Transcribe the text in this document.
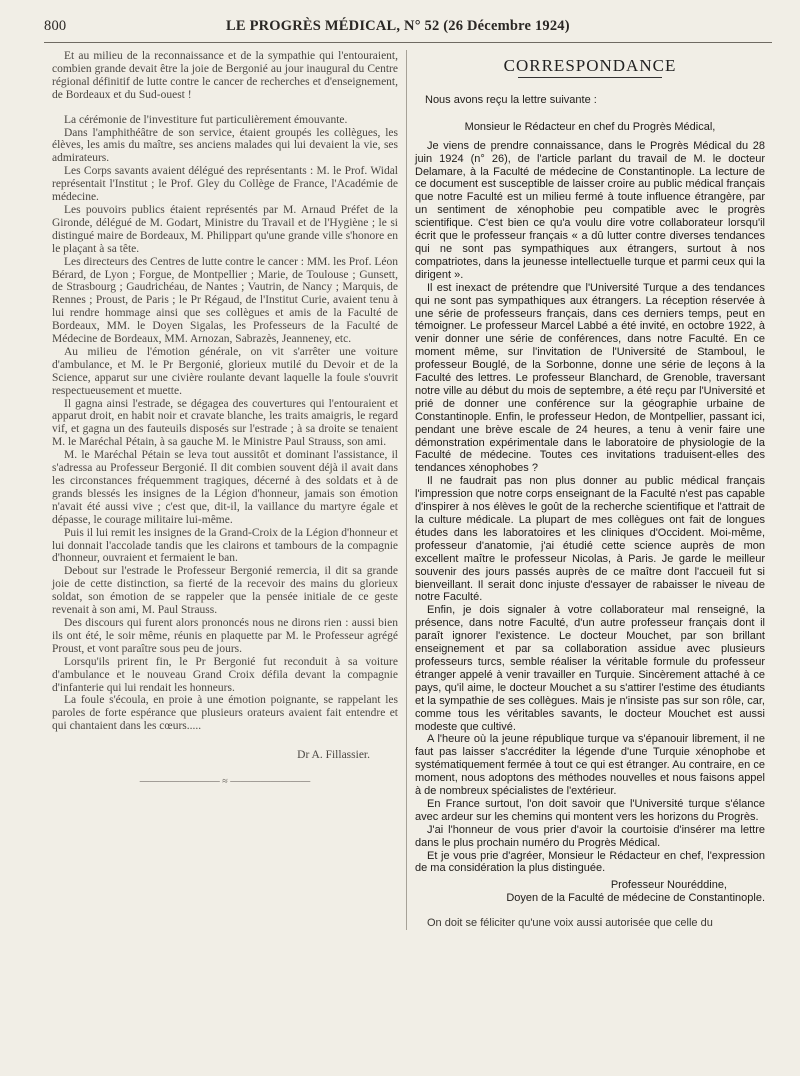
800	LE PROGRÈS MÉDICAL, N° 52 (26 Décembre 1924)

Et au milieu de la reconnaissance et de la sympathie qui l'entouraient, combien grande devait être la joie de Bergonié au jour inaugural du Centre régional définitif de lutte contre le cancer de recherches et d'enseignement, de Bordeaux et du Sud-ouest !

La cérémonie de l'investiture fut particulièrement émouvante.

Dans l'amphithéâtre de son service, étaient groupés les collègues, les élèves, les amis du maître, ses anciens malades qui lui devaient la vie, ses admirateurs.

Les Corps savants avaient délégué des représentants : M. le Prof. Widal représentait l'Institut ; le Prof. Gley du Collège de France, l'Académie de médecine.

Les pouvoirs publics étaient représentés par M. Arnaud Préfet de la Gironde, délégué de M. Godart, Ministre du Travail et de l'Hygiène ; le si distingué maire de Bordeaux, M. Philippart qu'une grande ville s'honore en le plaçant à sa tête.

Les directeurs des Centres de lutte contre le cancer : MM. les Prof. Léon Bérard, de Lyon ; Forgue, de Montpellier ; Marie, de Toulouse ; Gunsett, de Strasbourg ; Gaudrichéau, de Nantes ; Vautrin, de Nancy ; Marquis, de Rennes ; Proust, de Paris ; le Pr Régaud, de l'Institut Curie, avaient tenu à lui rendre hommage ainsi que ses collègues et amis de la Faculté de Bordeaux, MM. le Doyen Sigalas, les Professeurs de la Faculté de Médecine de Bordeaux, MM. Arnozan, Sabrazès, Jeanneney, etc.

Au milieu de l'émotion générale, on vit s'arrêter une voiture d'ambulance, et M. le Pr Bergonié, glorieux mutilé du Devoir et de la Science, apparut sur une civière roulante devant laquelle la foule s'ouvrit respectueusement et muette.

Il gagna ainsi l'estrade, se dégagea des couvertures qui l'entouraient et apparut droit, en habit noir et cravate blanche, les traits amaigris, le regard vif, et gagna un des fauteuils disposés sur l'estrade ; à sa droite se tenaient M. le Maréchal Pétain, à sa gauche M. le Ministre Paul Strauss, son ami.

M. le Maréchal Pétain se leva tout aussitôt et dominant l'assistance, il s'adressa au Professeur Bergonié. Il dit combien souvent déjà il avait dans les circonstances fréquemment tragiques, décerné à des soldats et à de grands blessés les insignes de la Légion d'honneur, jamais son émotion n'avait été aussi vive ; c'est que, dit-il, la vaillance du martyre égale et dépasse, le courage militaire lui-même.

Puis il lui remit les insignes de la Grand-Croix de la Légion d'honneur et lui donnait l'accolade tandis que les clairons et tambours de la compagnie d'honneur, ouvraient et fermaient le ban.

Debout sur l'estrade le Professeur Bergonié remercia, il dit sa grande joie de cette distinction, sa fierté de la recevoir des mains du glorieux soldat, son émotion de se rappeler que la pensée initiale de ce geste revenait à son ami, M. Paul Strauss.

Des discours qui furent alors prononcés nous ne dirons rien : aussi bien ils ont été, le soir même, réunis en plaquette par M. le Professeur agrégé Proust, et vont paraître sous peu de jours.

Lorsqu'ils prirent fin, le Pr Bergonié fut reconduit à sa voiture d'ambulance et le nouveau Grand Croix défila devant la compagnie d'infanterie qui lui rendait les honneurs.

La foule s'écoula, en proie à une émotion poignante, se rappelant les paroles de forte espérance que plusieurs orateurs avaient fait entendre et qui chantaient dans les cœurs.....

Dr A. Fillassier.
———————— ≈ ————————
CORRESPONDANCE

Nous avons reçu la lettre suivante :

Monsieur le Rédacteur en chef du Progrès Médical,

Je viens de prendre connaissance, dans le Progrès Médical du 28 juin 1924 (n° 26), de l'article parlant du travail de M. le docteur Delamare, à la Faculté de médecine de Constantinople. La lecture de ce document est susceptible de laisser croire au public médical français que notre Faculté est un milieu fermé à toute influence étrangère, par un sentiment de xénophobie peu compatible avec le progrès scientifique. C'est bien ce qu'a voulu dire votre collaborateur lorsqu'il écrit que le professeur français « a dû lutter contre diverses tendances qui ne sont pas sympathiques aux étrangers, surtout à nos compatriotes, dans la jeunesse intellectuelle turque et parmi ceux qui la dirigent ».

Il est inexact de prétendre que l'Université Turque a des tendances qui ne sont pas sympathiques aux étrangers. La réception réservée à une série de professeurs français, dans ces derniers temps, peut en témoigner. Le professeur Marcel Labbé a été invité, en octobre 1922, à venir donner une série de conférences, dans notre Faculté. En ce moment même, sur l'invitation de l'Université de Stamboul, le professeur Bouglé, de la Sorbonne, donne une série de leçons à la Faculté des lettres. Le professeur Blanchard, de Grenoble, traversant notre ville au début du mois de septembre, a été reçu par l'Université et prié de donner une conférence sur la géographie urbaine de Constantinople. Enfin, le professeur Hedon, de Montpellier, passant ici, pendant une brève escale de 24 heures, a tenu à venir faire une démonstration expérimentale dans le laboratoire de physiologie de la Faculté de médecine. Toutes ces invitations traduisent-elles des tendances xénophobes ?

Il ne faudrait pas non plus donner au public médical français l'impression que notre corps enseignant de la Faculté n'est pas capable d'inspirer à nos élèves le goût de la recherche scientifique et l'attrait de la culture médicale. La plupart de mes collègues ont fait de longues études dans les laboratoires et les cliniques d'Occident. Moi-même, professeur d'anatomie, j'ai étudié cette science auprès de mon excellent maître le professeur Nicolas, à Paris. Je garde le meilleur souvenir des jours passés auprès de ce maître dont l'accueil fut si bienveillant. Il serait donc injuste d'essayer de rabaisser le niveau de notre Faculté.

Enfin, je dois signaler à votre collaborateur mal renseigné, la présence, dans notre Faculté, d'un autre professeur français dont il paraît ignorer l'existence. Le docteur Mouchet, par son brillant enseignement et par sa collaboration assidue avec plusieurs professeurs turcs, semble réaliser la véritable formule du professeur étranger appelé à venir travailler en Turquie. Sincèrement attaché à ce pays, qu'il aime, le docteur Mouchet a su s'attirer l'estime des étudiants et la sympathie de ses collègues. Mais je n'insiste pas sur son rôle, car, comme tous les véritables savants, le docteur Mouchet est aussi modeste que cultivé.

A l'heure où la jeune république turque va s'épanouir librement, il ne faut pas laisser s'accréditer la légende d'une Turquie xénophobe et systématiquement fermée à tout ce qui est étranger. Au contraire, en ce moment, nous adoptons des méthodes nouvelles et nous faisons appel à de nombreux spécialistes de l'extérieur.

En France surtout, l'on doit savoir que l'Université turque s'élance avec ardeur sur les chemins qui montent vers les horizons du Progrès.

J'ai l'honneur de vous prier d'avoir la courtoisie d'insérer ma lettre dans le plus prochain numéro du Progrès Médical.

Et je vous prie d'agréer, Monsieur le Rédacteur en chef, l'expression de ma considération la plus distinguée.

Professeur Nouréddine,

Doyen de la Faculté de médecine de Constantinople.

On doit se féliciter qu'une voix aussi autorisée que celle du
